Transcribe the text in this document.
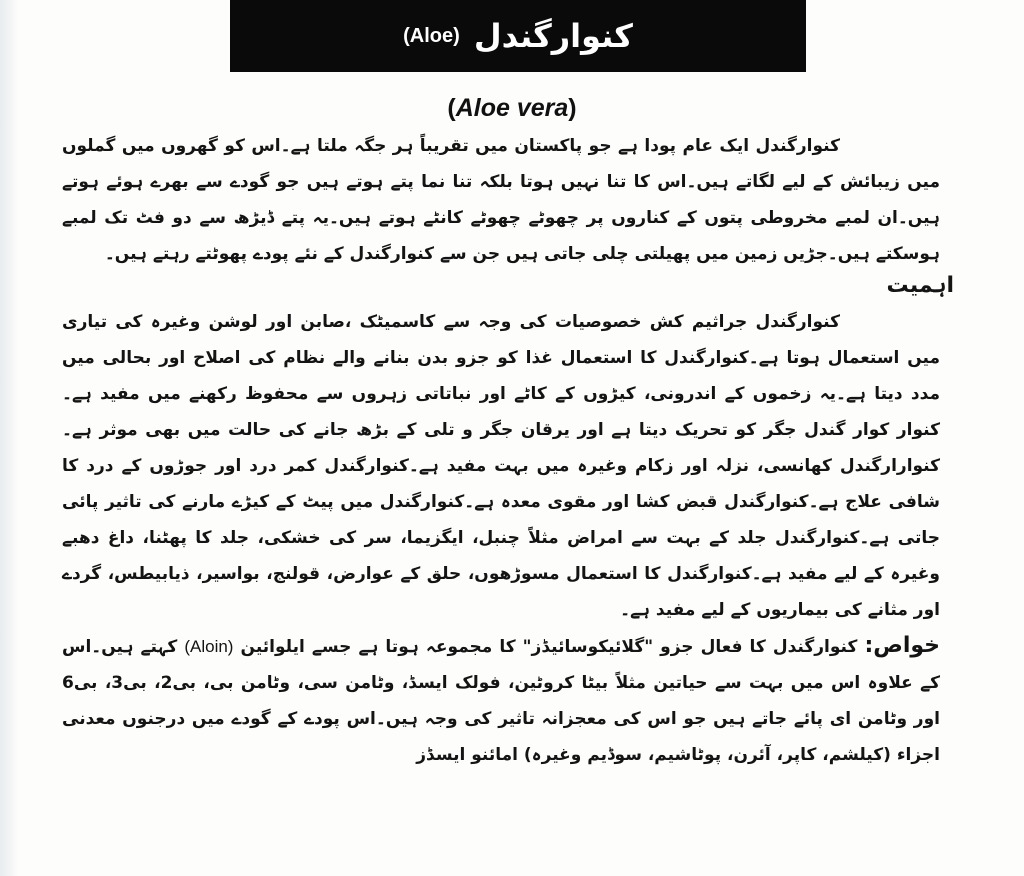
(Aloe) کنوارگندل
(Aloe vera)

کنوارگندل ایک عام پودا ہے جو پاکستان میں تقریباً ہر جگہ ملتا ہے۔اس کو گھروں میں گملوں میں زیبائش کے لیے لگاتے ہیں۔اس کا تنا نہیں ہوتا بلکہ تنا نما پتے ہوتے ہیں جو گودے سے بھرے ہوئے ہوتے ہیں۔ان لمبے مخروطی پتوں کے کناروں پر چھوٹے چھوٹے کانٹے ہوتے ہیں۔یہ پتے ڈیڑھ سے دو فٹ تک لمبے ہوسکتے ہیں۔جڑیں زمین میں پھیلتی چلی جاتی ہیں جن سے کنوارگندل کے نئے پودے پھوٹتے رہتے ہیں۔

اہمیت

کنوارگندل جراثیم کش خصوصیات کی وجہ سے کاسمیٹک ،صابن اور لوشن وغیرہ کی تیاری میں استعمال ہوتا ہے۔کنوارگندل کا استعمال غذا کو جزو بدن بنانے والے نظام کی اصلاح اور بحالی میں مدد دیتا ہے۔یہ زخموں کے اندرونی، کیڑوں کے کاٹے اور نباتاتی زہروں سے محفوظ رکھنے میں مفید ہے۔کنوار کوار گندل جگر کو تحریک دیتا ہے اور یرقان جگر و تلی کے بڑھ جانے کی حالت میں بھی موثر ہے۔کنوارارگندل کھانسی، نزلہ اور زکام وغیرہ میں بہت مفید ہے۔کنوارگندل کمر درد اور جوڑوں کے درد کا شافی علاج ہے۔کنوارگندل قبض کشا اور مقوی معدہ ہے۔کنوارگندل میں پیٹ کے کیڑے مارنے کی تاثیر پائی جاتی ہے۔کنوارگندل جلد کے بہت سے امراض مثلاً چنبل، ایگزیما، سر کی خشکی، جلد کا پھٹنا، داغ دھبے وغیرہ کے لیے مفید ہے۔کنوارگندل کا استعمال مسوڑھوں، حلق کے عوارض، قولنج، بواسیر، ذیابیطس، گردے اور مثانے کی بیماریوں کے لیے مفید ہے۔

خواص: کنوارگندل کا فعال جزو "گلائیکوسائیڈز" کا مجموعہ ہوتا ہے جسے ایلوائین (Aloin) کہتے ہیں۔اس کے علاوہ اس میں بہت سے حیاتین مثلاً بیٹا کروٹین، فولک ایسڈ، وٹامن سی، وٹامن بی، بی2، بی3، بی6 اور وٹامن ای پائے جاتے ہیں جو اس کی معجزانہ تاثیر کی وجہ ہیں۔اس پودے کے گودے میں درجنوں معدنی اجزاء (کیلشم، کاپر، آئرن، پوٹاشیم، سوڈیم وغیرہ) امائنو ایسڈز
